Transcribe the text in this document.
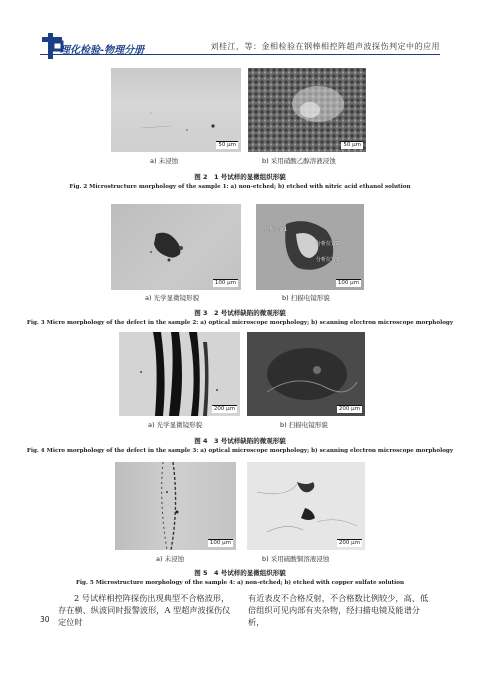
理化检验-物理分册	刘桂江，等：金相检验在钢棒相控阵超声波探伤判定中的应用
50 μm	50 μm
a) 未浸蚀	b) 采用硝酸乙醇溶液浸蚀
图 2　1 号试样的显微组织形貌
Fig. 2 Microstructure morphology of the sample 1: a) non-etched; b) etched with nitric acid ethanol solution
100 μm
分析位置1
分析位置2
分析位置3
100 μm
a) 光学显微镜形貌	b) 扫描电镜形貌
图 3　2 号试样缺陷的微观形貌
Fig. 3 Micro morphology of the defect in the sample 2: a) optical microscope morphology; b) scanning electron microscope morphology
200 μm	200 μm
a) 光学显微镜形貌	b) 扫描电镜形貌
图 4　3 号试样缺陷的微观形貌
Fig. 4 Micro morphology of the defect in the sample 3: a) optical microscope morphology; b) scanning electron microscope morphology
100 μm	200 μm
a) 未浸蚀	b) 采用硫酸铜溶液浸蚀
图 5　4 号试样的显微组织形貌
Fig. 5 Microstructure morphology of the sample 4: a) non-etched; b) etched with copper sulfate solution
2 号试样相控阵探伤出现典型不合格波形，存在横、纵波同时报警波形，A 型超声波探伤仪定位时
有近表皮不合格反射，不合格数比例较少，高、低倍组织可见内部有夹杂物，经扫描电镜及能谱分析，
30
